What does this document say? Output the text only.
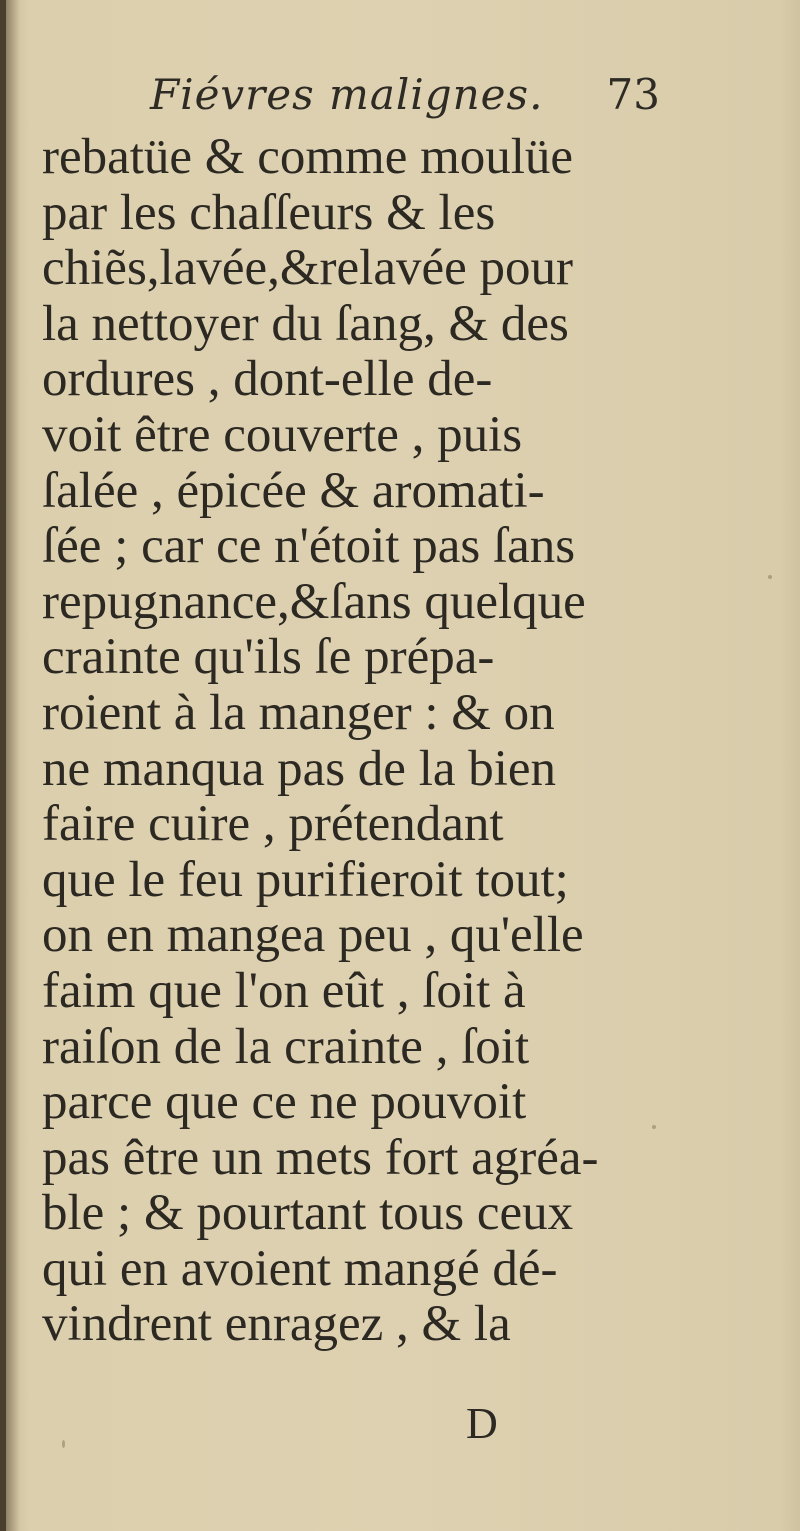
Fiévres malignes. 73
rebatüe & comme moulüe
par les chaſſeurs & les
chiẽs,lavée,&relavée pour
la nettoyer du ſang, & des
ordures , dont-elle de-
voit être couverte , puis
ſalée , épicée & aromati-
ſée ; car ce n'étoit pas ſans
repugnance,&ſans quelque
crainte qu'ils ſe prépa-
roient à la manger : & on
ne manqua pas de la bien
faire cuire , prétendant
que le feu purifieroit tout;
on en mangea peu , qu'elle
faim que l'on eût , ſoit à
raiſon de la crainte , ſoit
parce que ce ne pouvoit
pas être un mets fort agréa-
ble ; & pourtant tous ceux
qui en avoient mangé dé-
vindrent enragez , & la
D
